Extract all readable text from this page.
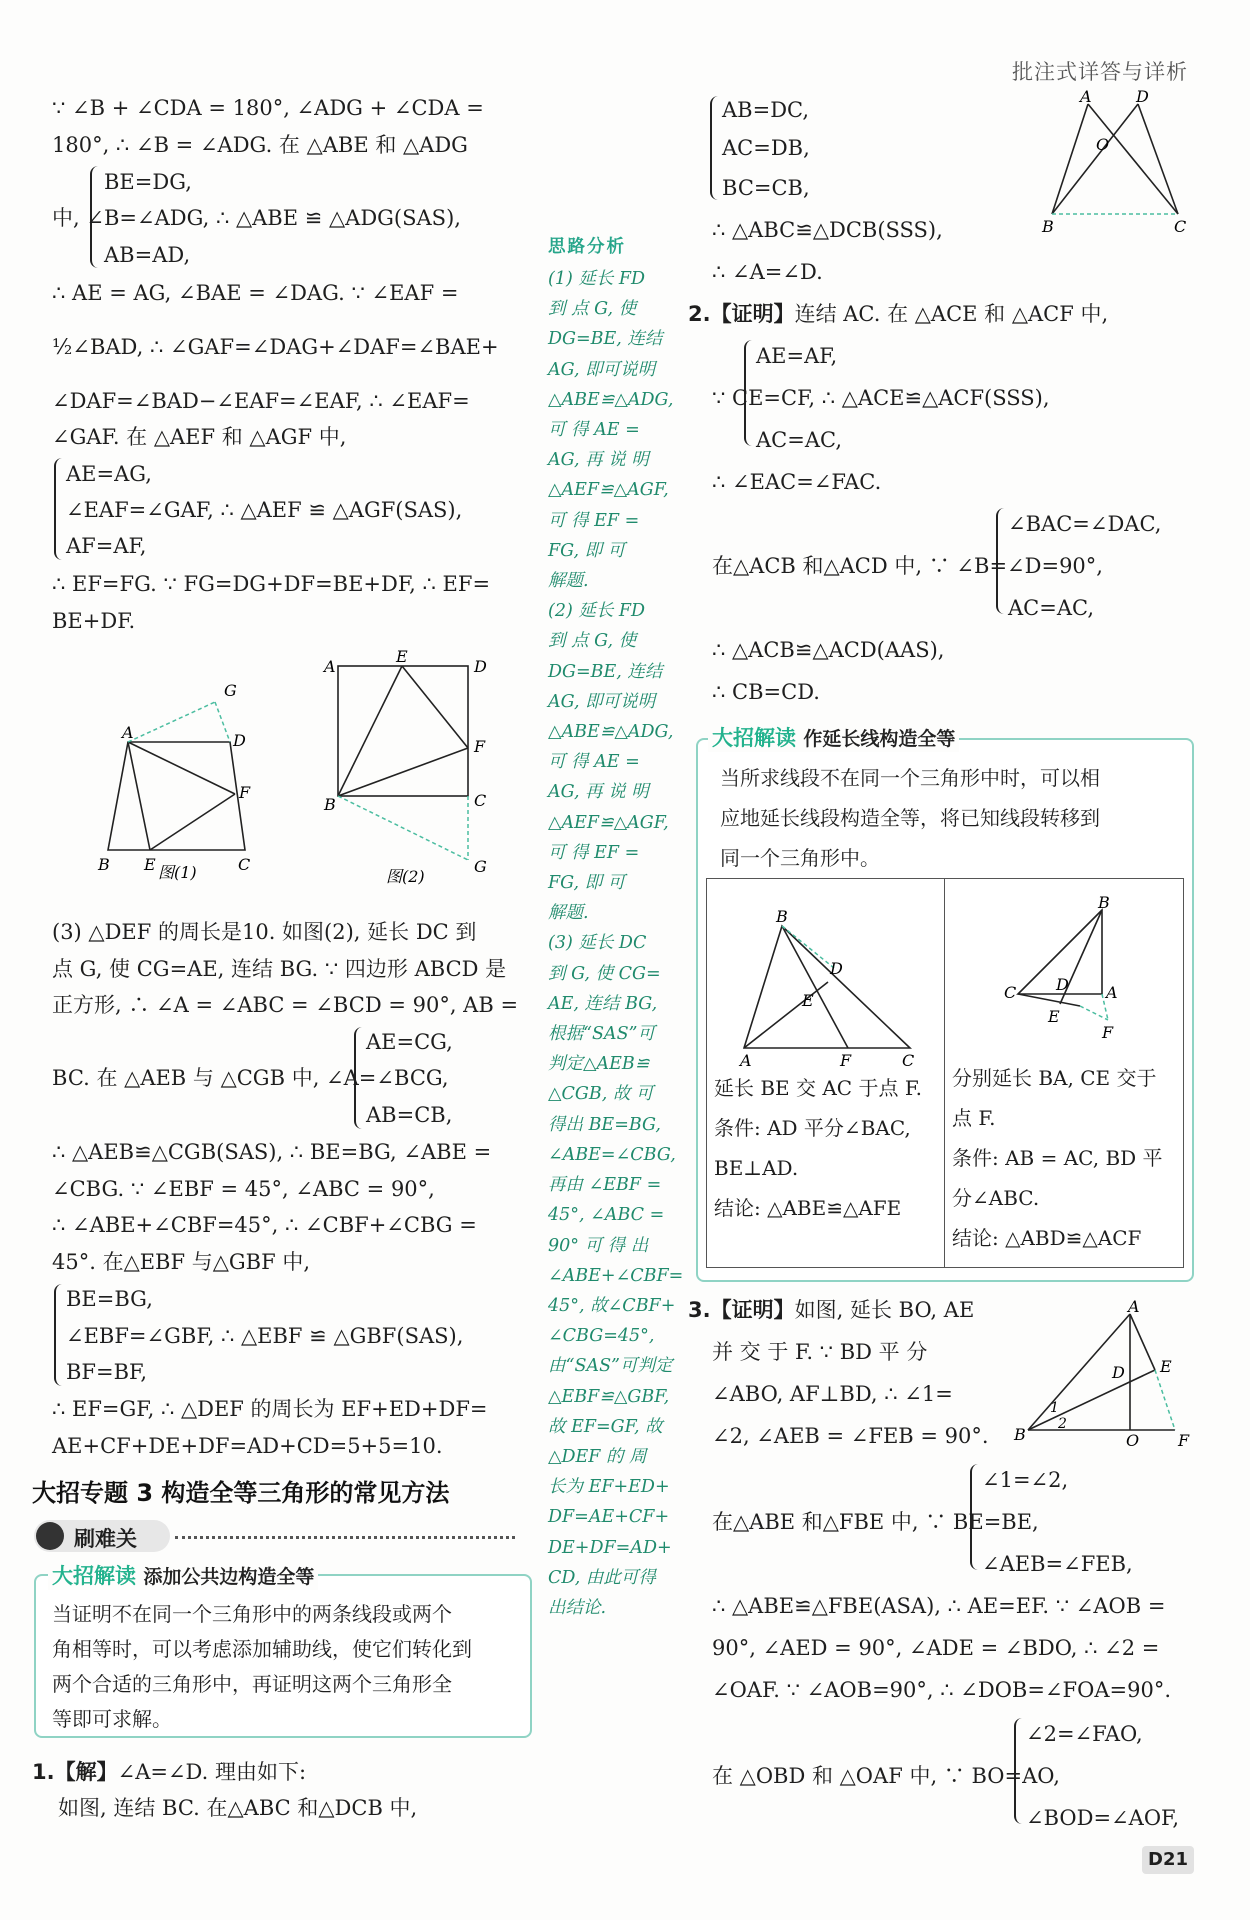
批注式详答与详析
∵ ∠B + ∠CDA = 180°, ∠ADG + ∠CDA =
180°, ∴ ∠B = ∠ADG. 在 △ABE 和 △ADG
BE=DG,
中, ∠B=∠ADG, ∴ △ABE ≌ △ADG(SAS),
AB=AD,
∴ AE = AG, ∠BAE = ∠DAG. ∵ ∠EAF =
½∠BAD, ∴ ∠GAF=∠DAG+∠DAF=∠BAE+
∠DAF=∠BAD−∠EAF=∠EAF, ∴ ∠EAF=
∠GAF. 在 △AEF 和 △AGF 中,
AE=AG,
∠EAF=∠GAF, ∴ △AEF ≌ △AGF(SAS),
AF=AF,
∴ EF=FG. ∵ FG=DG+DF=BE+DF, ∴ EF=
BE+DF.
A
G
D
F
B E	C
图(1)
A
E
D
F
C
B
G
图(2)
(3) △DEF 的周长是10. 如图(2), 延长 DC 到
点 G, 使 CG=AE, 连结 BG. ∵ 四边形 ABCD 是
正方形, ∴ ∠A = ∠ABC = ∠BCD = 90°, AB =
AE=CG,
BC. 在 △AEB 与 △CGB 中, ∠A=∠BCG,
AB=CB,
∴ △AEB≌△CGB(SAS), ∴ BE=BG, ∠ABE =
∠CBG. ∵ ∠EBF = 45°, ∠ABC = 90°,
∴ ∠ABE+∠CBF=45°, ∴ ∠CBF+∠CBG =
45°. 在△EBF 与△GBF 中,
BE=BG,
∠EBF=∠GBF, ∴ △EBF ≌ △GBF(SAS),
BF=BF,
∴ EF=GF, ∴ △DEF 的周长为 EF+ED+DF=
AE+CF+DE+DF=AD+CD=5+5=10.
大招专题 3 构造全等三角形的常见方法
刷难关
大招解读 添加公共边构造全等
当证明不在同一个三角形中的两条线段或两个
角相等时，可以考虑添加辅助线，使它们转化到
两个合适的三角形中，再证明这两个三角形全
等即可求解。
1.【解】∠A=∠D. 理由如下:
如图, 连结 BC. 在△ABC 和△DCB 中,
思路分析
(1) 延长 FD
到 点 G, 使
DG=BE, 连结
AG, 即可说明
△ABE≌△ADG,
可 得 AE =
AG, 再 说 明
△AEF≌△AGF,
可 得 EF =
FG, 即 可
解题.
(2) 延长 FD
到 点 G, 使
DG=BE, 连结
AG, 即可说明
△ABE≌△ADG,
可 得 AE =
AG, 再 说 明
△AEF≌△AGF,
可 得 EF =
FG, 即 可
解题.
(3) 延长 DC
到 G, 使 CG=
AE, 连结 BG,
根据“SAS”可
判定△AEB≌
△CGB, 故 可
得出 BE=BG,
∠ABE=∠CBG,
再由 ∠EBF =
45°, ∠ABC =
90° 可 得 出
∠ABE+∠CBF=
45°, 故∠CBF+
∠CBG=45°,
由“SAS”可判定
△EBF≌△GBF,
故 EF=GF, 故
△DEF 的 周
长为 EF+ED+
DF=AE+CF+
DE+DF=AD+
CD, 由此可得
出结论.
AB=DC,
AC=DB,
BC=CB,
∴ △ABC≌△DCB(SSS),
∴ ∠A=∠D.
A	D
O
B	C
2.【证明】连结 AC. 在 △ACE 和 △ACF 中,
AE=AF,
∵ CE=CF, ∴ △ACE≌△ACF(SSS),
AC=AC,
∴ ∠EAC=∠FAC.
∠BAC=∠DAC,
在△ACB 和△ACD 中, ∵ ∠B=∠D=90°,
AC=AC,
∴ △ACB≌△ACD(AAS),
∴ CB=CD.
大招解读 作延长线构造全等
当所求线段不在同一个三角形中时，可以相
应地延长线段构造全等，将已知线段转移到
同一个三角形中。
B
D
E
A	F	C
延长 BE 交 AC 于点 F.
条件: AD 平分∠BAC,
BE⊥AD.
结论: △ABE≌△AFE
B
C D A
E
F
分别延长 BA, CE 交于
点 F.
条件: AB = AC, BD 平
分∠ABC.
结论: △ABD≌△ACF
3.【证明】如图, 延长 BO, AE
并 交 于 F. ∵ BD 平 分
∠ABO, AF⊥BD, ∴ ∠1=
∠2, ∠AEB = ∠FEB = 90°.
A
D E
1
2
B	O F
∠1=∠2,
在△ABE 和△FBE 中, ∵ BE=BE,
∠AEB=∠FEB,
∴ △ABE≌△FBE(ASA), ∴ AE=EF. ∵ ∠AOB =
90°, ∠AED = 90°, ∠ADE = ∠BDO, ∴ ∠2 =
∠OAF. ∵ ∠AOB=90°, ∴ ∠DOB=∠FOA=90°.
∠2=∠FAO,
在 △OBD 和 △OAF 中, ∵ BO=AO,
∠BOD=∠AOF,
D21
